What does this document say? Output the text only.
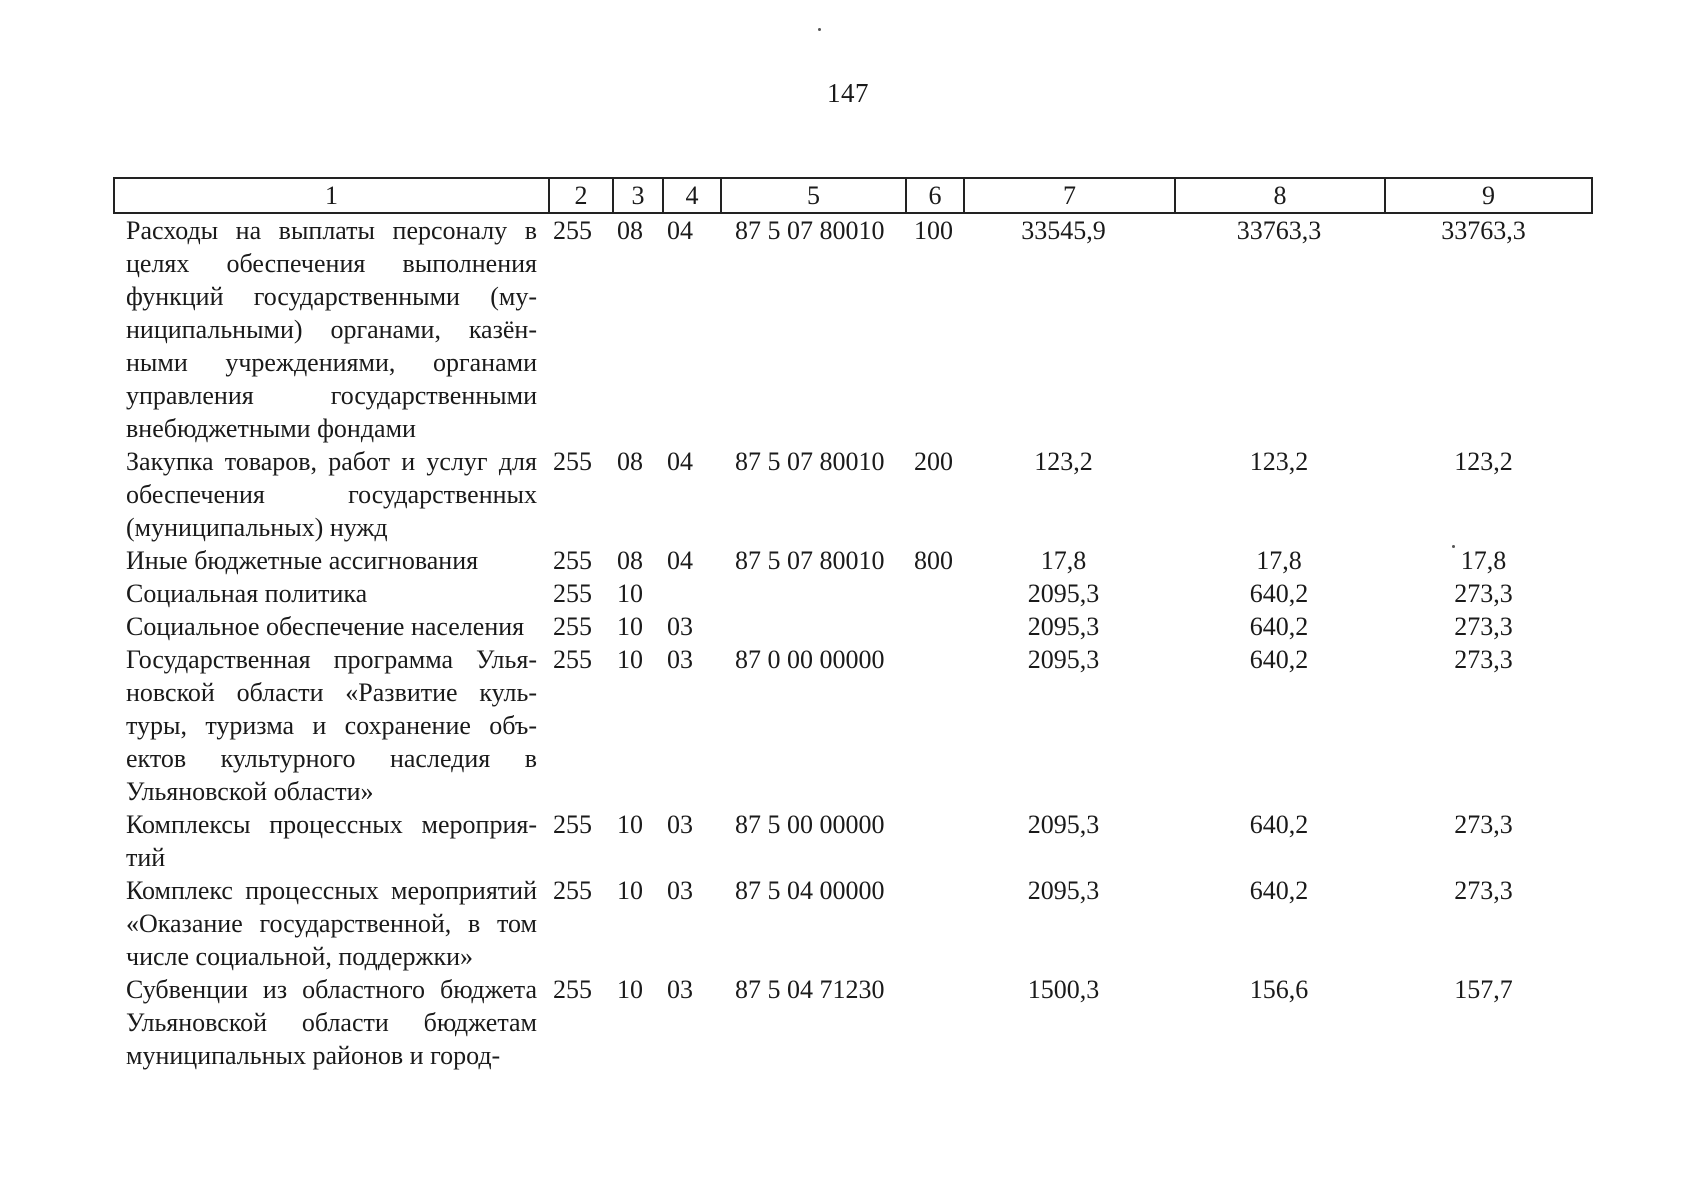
147
1	2	3	4	5	6	7	8	9
Расходы на выплаты персоналу в целях обеспечения выполнения функций государственными (муниципальными) органами, казёнными учреждениями, органами управления государственными внебюджетными фондами	255	08	04	87 5 07 80010	100	33545,9	33763,3	33763,3
Закупка товаров, работ и услуг для обеспечения государственных (муниципальных) нужд	255	08	04	87 5 07 80010	200	123,2	123,2	123,2
Иные бюджетные ассигнования	255	08	04	87 5 07 80010	800	17,8	17,8	17,8
Социальная политика	255	10				2095,3	640,2	273,3
Социальное обеспечение населения	255	10	03			2095,3	640,2	273,3
Государственная программа Ульяновской области «Развитие культуры, туризма и сохранение объектов культурного наследия в Ульяновской области»	255	10	03	87 0 00 00000		2095,3	640,2	273,3
Комплексы процессных мероприятий	255	10	03	87 5 00 00000		2095,3	640,2	273,3
Комплекс процессных мероприятий «Оказание государственной, в том числе социальной, поддержки»	255	10	03	87 5 04 00000		2095,3	640,2	273,3
Субвенции из областного бюджета Ульяновской области бюджетам муниципальных районов и город-	255	10	03	87 5 04 71230		1500,3	156,6	157,7
